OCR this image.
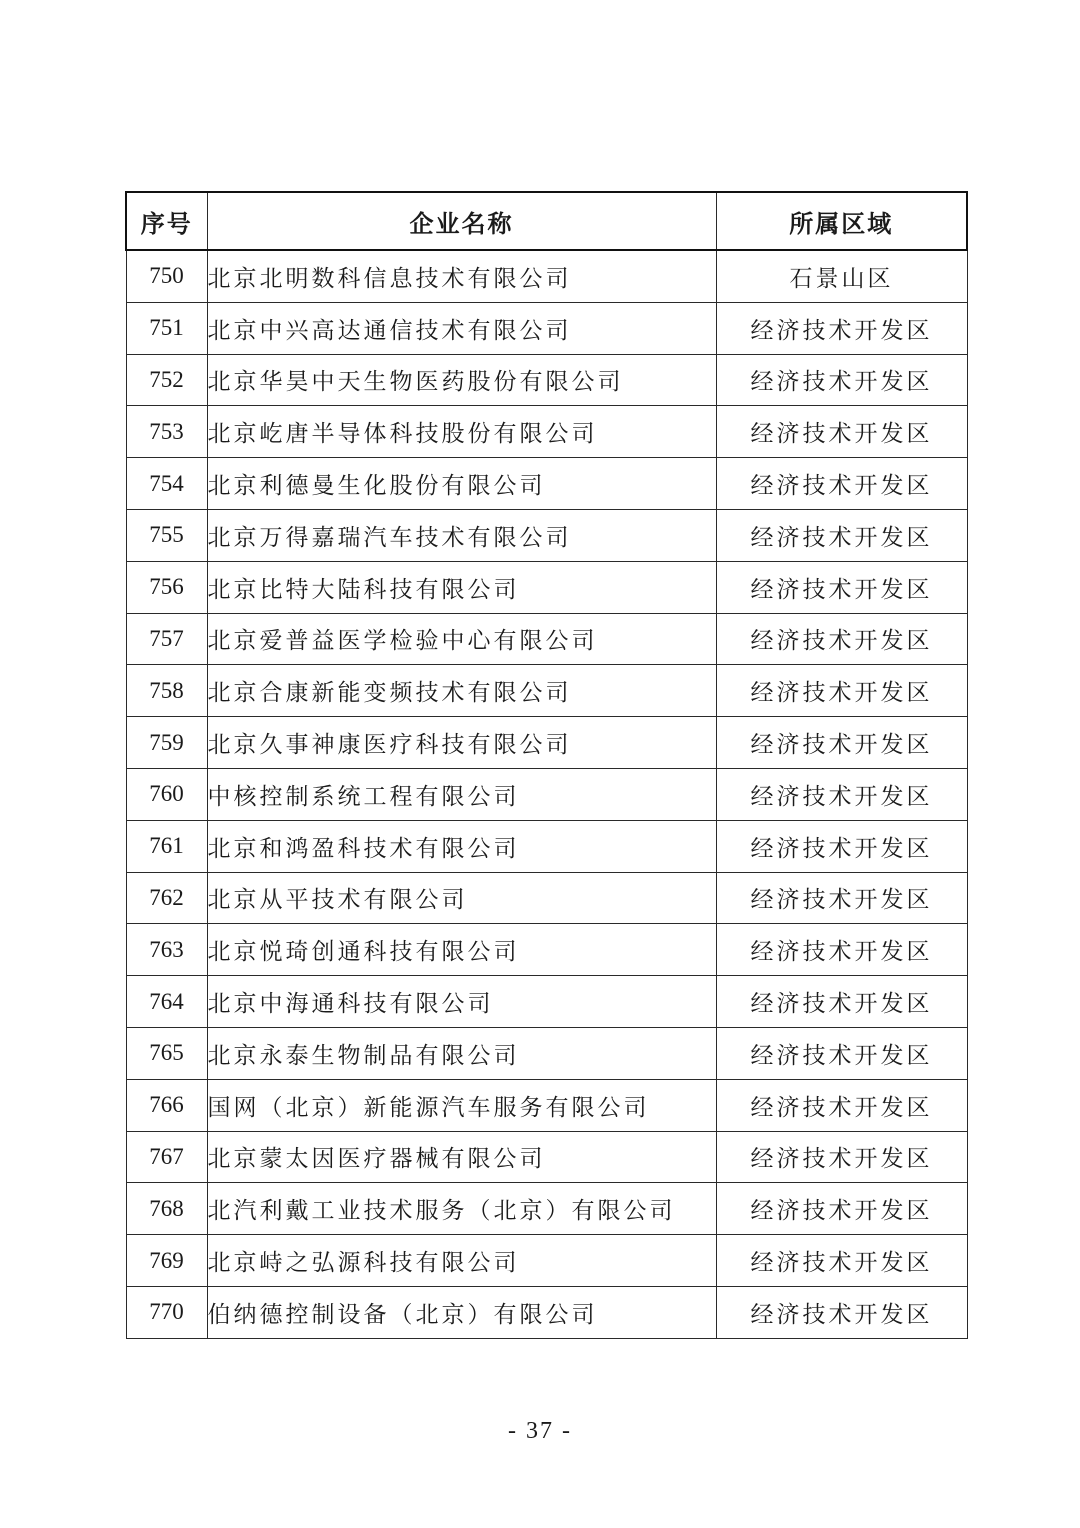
序号	企业名称	所属区域
750	北京北明数科信息技术有限公司	石景山区
751	北京中兴高达通信技术有限公司	经济技术开发区
752	北京华昊中天生物医药股份有限公司	经济技术开发区
753	北京屹唐半导体科技股份有限公司	经济技术开发区
754	北京利德曼生化股份有限公司	经济技术开发区
755	北京万得嘉瑞汽车技术有限公司	经济技术开发区
756	北京比特大陆科技有限公司	经济技术开发区
757	北京爱普益医学检验中心有限公司	经济技术开发区
758	北京合康新能变频技术有限公司	经济技术开发区
759	北京久事神康医疗科技有限公司	经济技术开发区
760	中核控制系统工程有限公司	经济技术开发区
761	北京和鸿盈科技术有限公司	经济技术开发区
762	北京从平技术有限公司	经济技术开发区
763	北京悦琦创通科技有限公司	经济技术开发区
764	北京中海通科技有限公司	经济技术开发区
765	北京永泰生物制品有限公司	经济技术开发区
766	国网（北京）新能源汽车服务有限公司	经济技术开发区
767	北京蒙太因医疗器械有限公司	经济技术开发区
768	北汽利戴工业技术服务（北京）有限公司	经济技术开发区
769	北京峙之弘源科技有限公司	经济技术开发区
770	伯纳德控制设备（北京）有限公司	经济技术开发区
- 37 -
